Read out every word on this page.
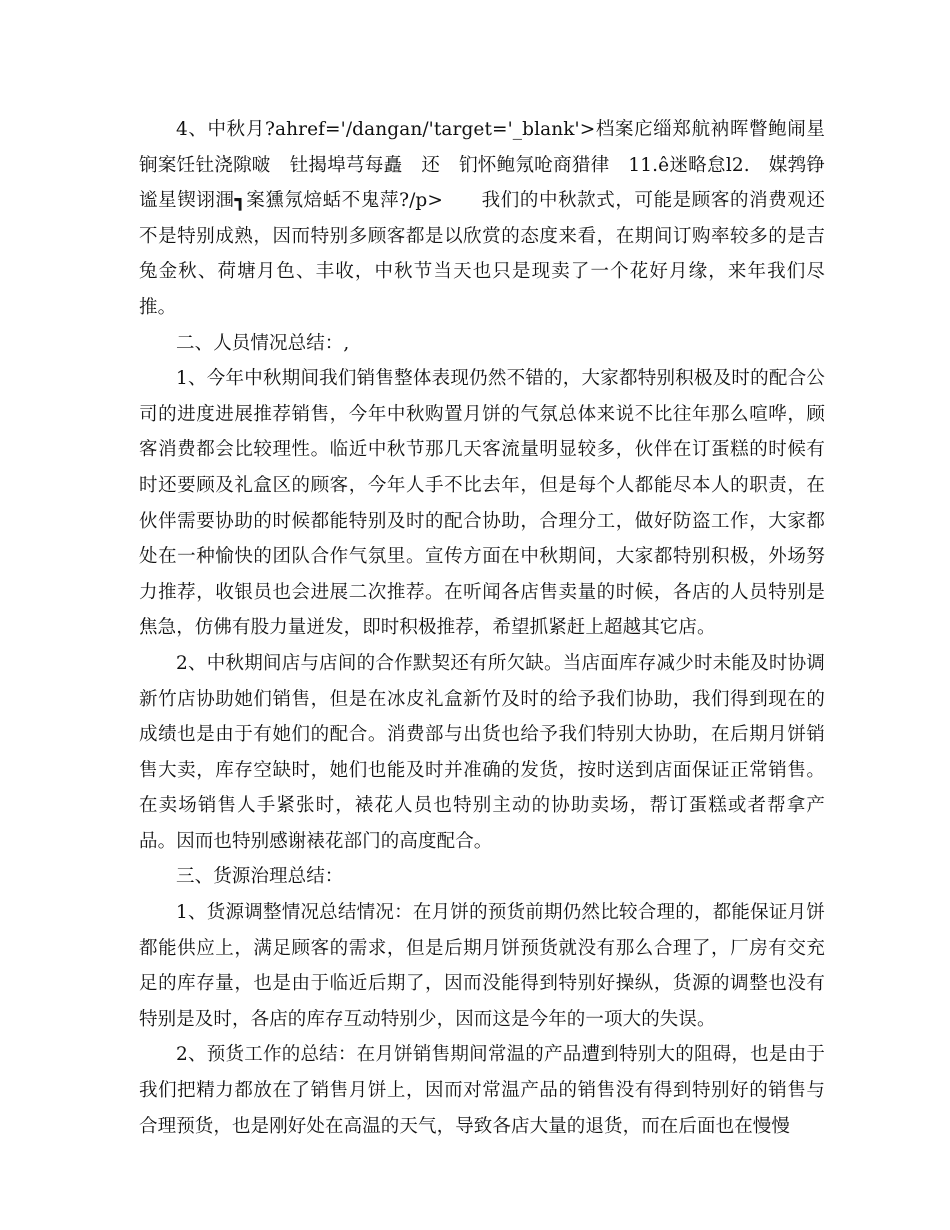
4、中秋月?ahref='/dangan/'target='_blank'>档案庀缁郑航衲晖瞥鲍闹星锏案饪钍浇隙啵　钍揭埠芎每矗　还　钔怀鲍氖呛商猎律　11.ê迷略怠l2.　媒鹁铮谧星锲诩涠┓案獯氖焙蛞不鬼萍?/p>　　我们的中秋款式，可能是顾客的消费观还不是特别成熟，因而特别多顾客都是以欣赏的态度来看，在期间订购率较多的是吉兔金秋、荷塘月色、丰收，中秋节当天也只是现卖了一个花好月缘，来年我们尽推。

二、人员情况总结：,

1、今年中秋期间我们销售整体表现仍然不错的，大家都特别积极及时的配合公司的进度进展推荐销售，今年中秋购置月饼的气氛总体来说不比往年那么喧哗，顾客消费都会比较理性。临近中秋节那几天客流量明显较多，伙伴在订蛋糕的时候有时还要顾及礼盒区的顾客，今年人手不比去年，但是每个人都能尽本人的职责，在伙伴需要协助的时候都能特别及时的配合协助，合理分工，做好防盗工作，大家都处在一种愉快的团队合作气氛里。宣传方面在中秋期间，大家都特别积极，外场努力推荐，收银员也会进展二次推荐。在听闻各店售卖量的时候，各店的人员特别是焦急，仿佛有股力量迸发，即时积极推荐，希望抓紧赶上超越其它店。

2、中秋期间店与店间的合作默契还有所欠缺。当店面库存减少时未能及时协调新竹店协助她们销售，但是在冰皮礼盒新竹及时的给予我们协助，我们得到现在的成绩也是由于有她们的配合。消费部与出货也给予我们特别大协助，在后期月饼销售大卖，库存空缺时，她们也能及时并准确的发货，按时送到店面保证正常销售。在卖场销售人手紧张时，裱花人员也特别主动的协助卖场，帮订蛋糕或者帮拿产品。因而也特别感谢裱花部门的高度配合。

三、货源治理总结：

1、货源调整情况总结情况：在月饼的预货前期仍然比较合理的，都能保证月饼都能供应上，满足顾客的需求，但是后期月饼预货就没有那么合理了，厂房有交充足的库存量，也是由于临近后期了，因而没能得到特别好操纵，货源的调整也没有特别是及时，各店的库存互动特别少，因而这是今年的一项大的失误。

2、预货工作的总结：在月饼销售期间常温的产品遭到特别大的阻碍，也是由于我们把精力都放在了销售月饼上，因而对常温产品的销售没有得到特别好的销售与合理预货，也是刚好处在高温的天气，导致各店大量的退货，而在后面也在慢慢
